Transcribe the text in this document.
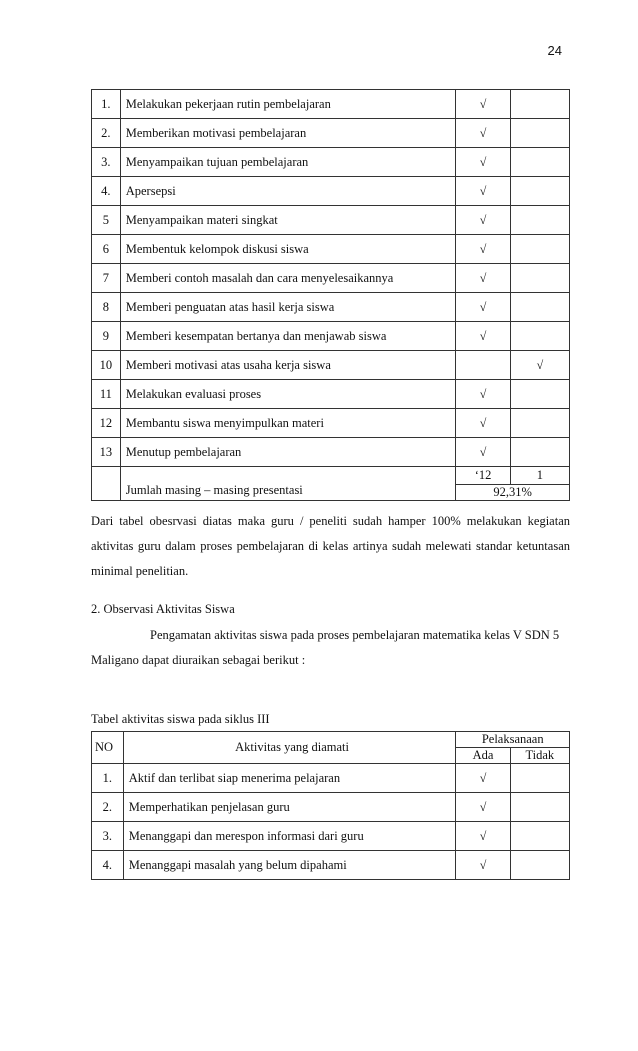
24
1.	Melakukan pekerjaan rutin pembelajaran	√	
2.	Memberikan motivasi pembelajaran	√	
3.	Menyampaikan tujuan pembelajaran	√	
4.	Apersepsi	√	
5	Menyampaikan materi singkat	√	
6	Membentuk kelompok diskusi siswa	√	
7	Memberi contoh masalah dan cara menyelesaikannya	√	
8	Memberi penguatan atas hasil kerja siswa	√	
9	Memberi kesempatan bertanya dan menjawab siswa	√	
10	Memberi motivasi atas usaha kerja siswa		√
11	Melakukan evaluasi proses	√	
12	Membantu siswa menyimpulkan materi	√	
13	Menutup pembelajaran	√	
	Jumlah masing – masing presentasi	‘12	1
		92,31%	
Dari tabel obesrvasi diatas maka guru / peneliti sudah hamper 100% melakukan kegiatan aktivitas guru dalam proses pembelajaran di kelas artinya sudah melewati standar ketuntasan minimal penelitian.
2. Observasi Aktivitas Siswa
Pengamatan aktivitas siswa pada proses pembelajaran matematika kelas V SDN 5
Maligano dapat diuraikan sebagai berikut :
Tabel aktivitas siswa pada siklus III
NO	Aktivitas yang diamati	Pelaksanaan	
		Ada	Tidak
1.	Aktif dan terlibat siap menerima pelajaran	√	
2.	Memperhatikan penjelasan guru	√	
3.	Menanggapi dan merespon informasi dari guru	√	
4.	Menanggapi masalah yang belum dipahami	√	
